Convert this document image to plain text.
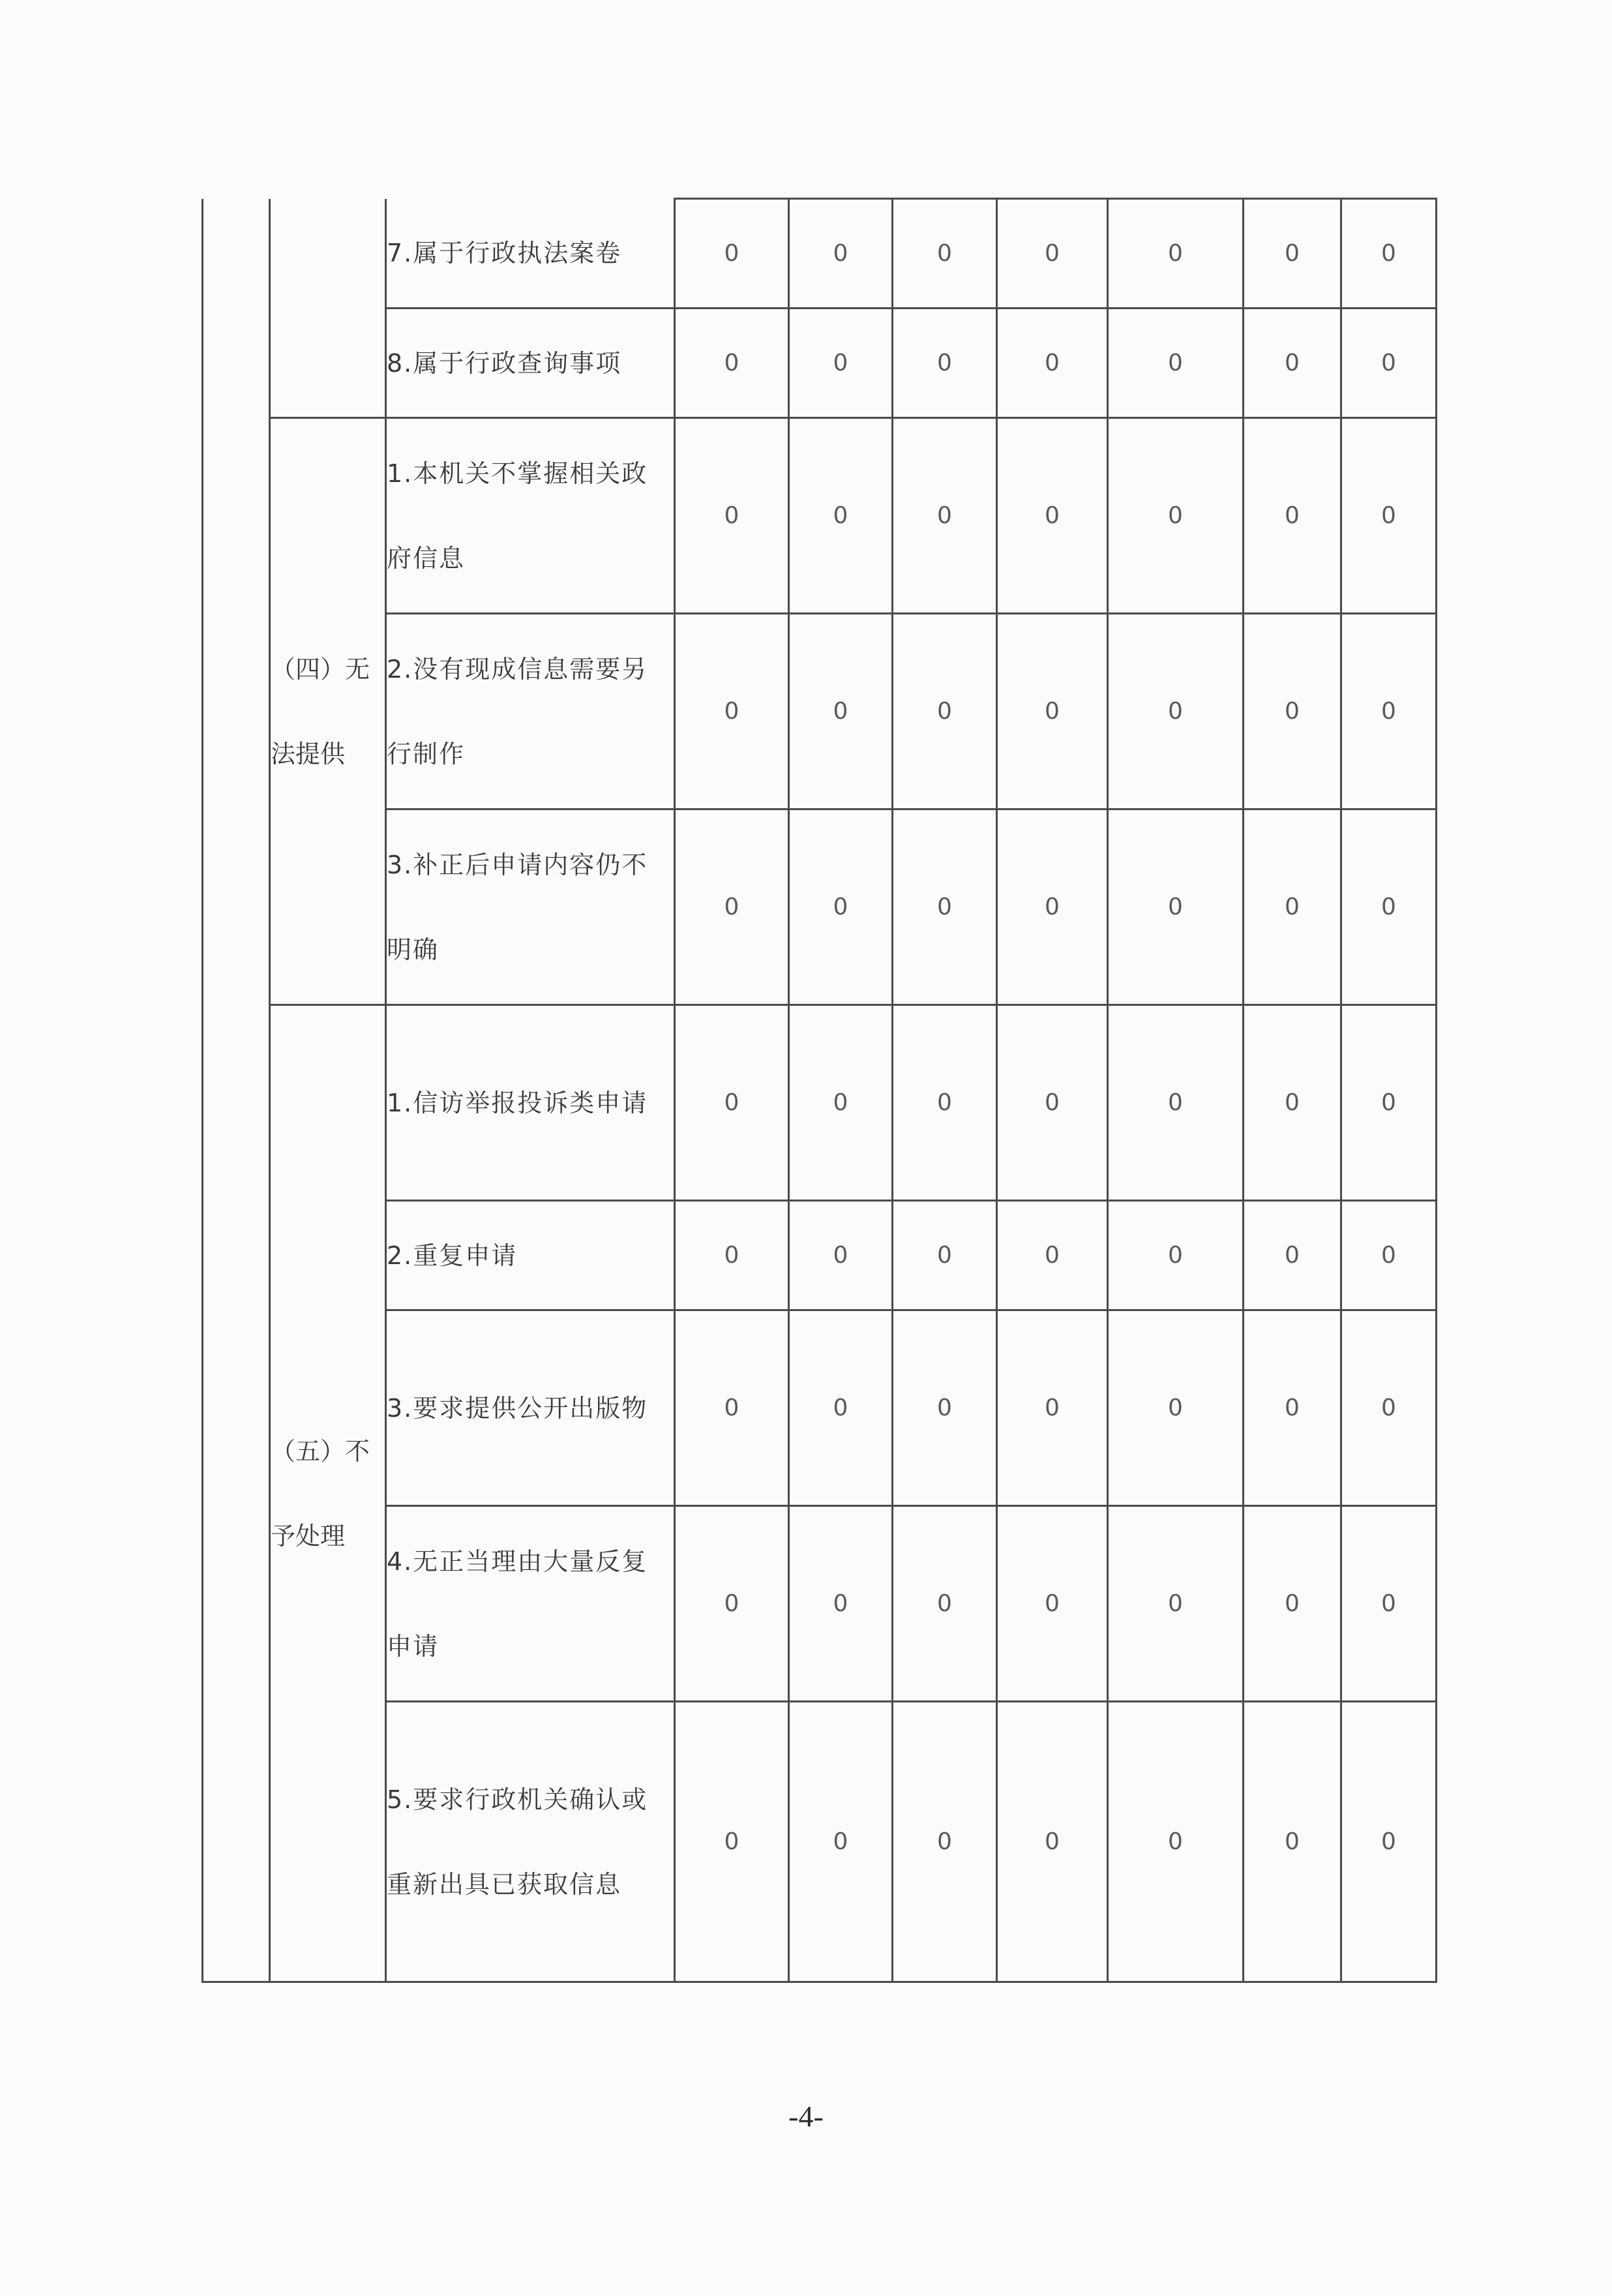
		7.属于行政执法案卷	0	0	0	0	0	0	0
		8.属于行政查询事项	0	0	0	0	0	0	0
	（四）无法提供	1.本机关不掌握相关政府信息	0	0	0	0	0	0	0
		2.没有现成信息需要另行制作	0	0	0	0	0	0	0
		3.补正后申请内容仍不明确	0	0	0	0	0	0	0
	（五）不予处理	1.信访举报投诉类申请	0	0	0	0	0	0	0
		2.重复申请	0	0	0	0	0	0	0
		3.要求提供公开出版物	0	0	0	0	0	0	0
		4.无正当理由大量反复申请	0	0	0	0	0	0	0
		5.要求行政机关确认或重新出具已获取信息	0	0	0	0	0	0	0
-4-
